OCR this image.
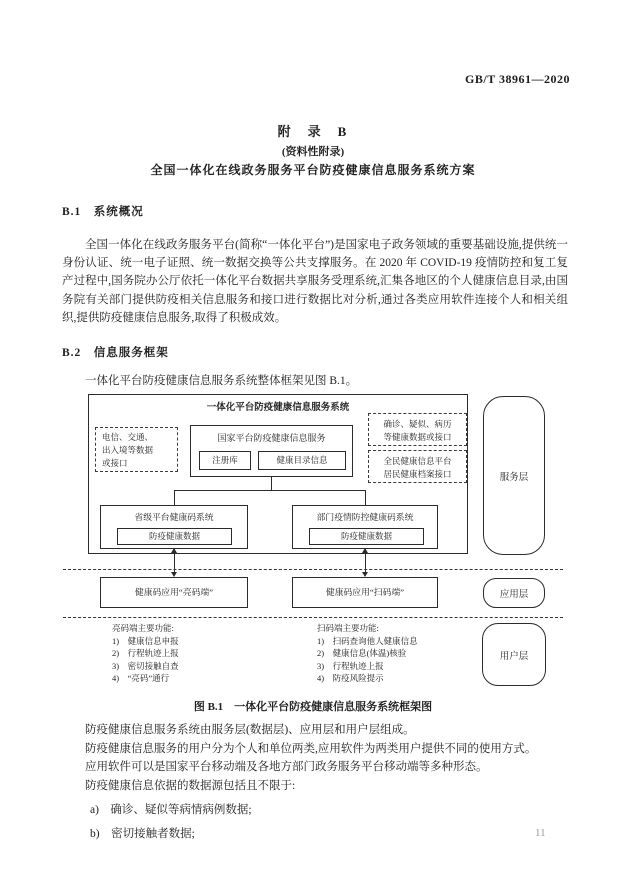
GB/T 38961—2020
附　录　B
(资料性附录)
全国一体化在线政务服务平台防疫健康信息服务系统方案
B.1　系统概况
全国一体化在线政务服务平台(简称“一体化平台”)是国家电子政务领域的重要基础设施,提供统一身份认证、统一电子证照、统一数据交换等公共支撑服务。在 2020 年 COVID-19 疫情防控和复工复产过程中,国务院办公厅依托一体化平台数据共享服务受理系统,汇集各地区的个人健康信息目录,由国务院有关部门提供防疫相关信息服务和接口进行数据比对分析,通过各类应用软件连接个人和相关组织,提供防疫健康信息服务,取得了积极成效。
B.2　信息服务框架
一体化平台防疫健康信息服务系统整体框架见图 B.1。
一体化平台防疫健康信息服务系统
电信、交通、
出入境等数据
或接口
国家平台防疫健康信息服务
注册库	健康目录信息
确诊、疑似、病历
等健康数据或接口
全民健康信息平台
居民健康档案接口
省级平台健康码系统
防疫健康数据
部门疫情防控健康码系统
防疫健康数据
健康码应用“亮码端”	健康码应用“扫码端”
亮码端主要功能:
1)　健康信息申报
2)　行程轨迹上报
3)　密切接触自查
4)　“亮码”通行
扫码端主要功能:
1)　扫码查询他人健康信息
2)　健康信息(体温)核验
3)　行程轨迹上报
4)　防疫风险提示
服务层
应用层
用户层
图 B.1　一体化平台防疫健康信息服务系统框架图
防疫健康信息服务系统由服务层(数据层)、应用层和用户层组成。
防疫健康信息服务的用户分为个人和单位两类,应用软件为两类用户提供不同的使用方式。
应用软件可以是国家平台移动端及各地方部门政务服务平台移动端等多种形态。
防疫健康信息依据的数据源包括且不限于:
a)　确诊、疑似等病情病例数据;
b)　密切接触者数据;	11
